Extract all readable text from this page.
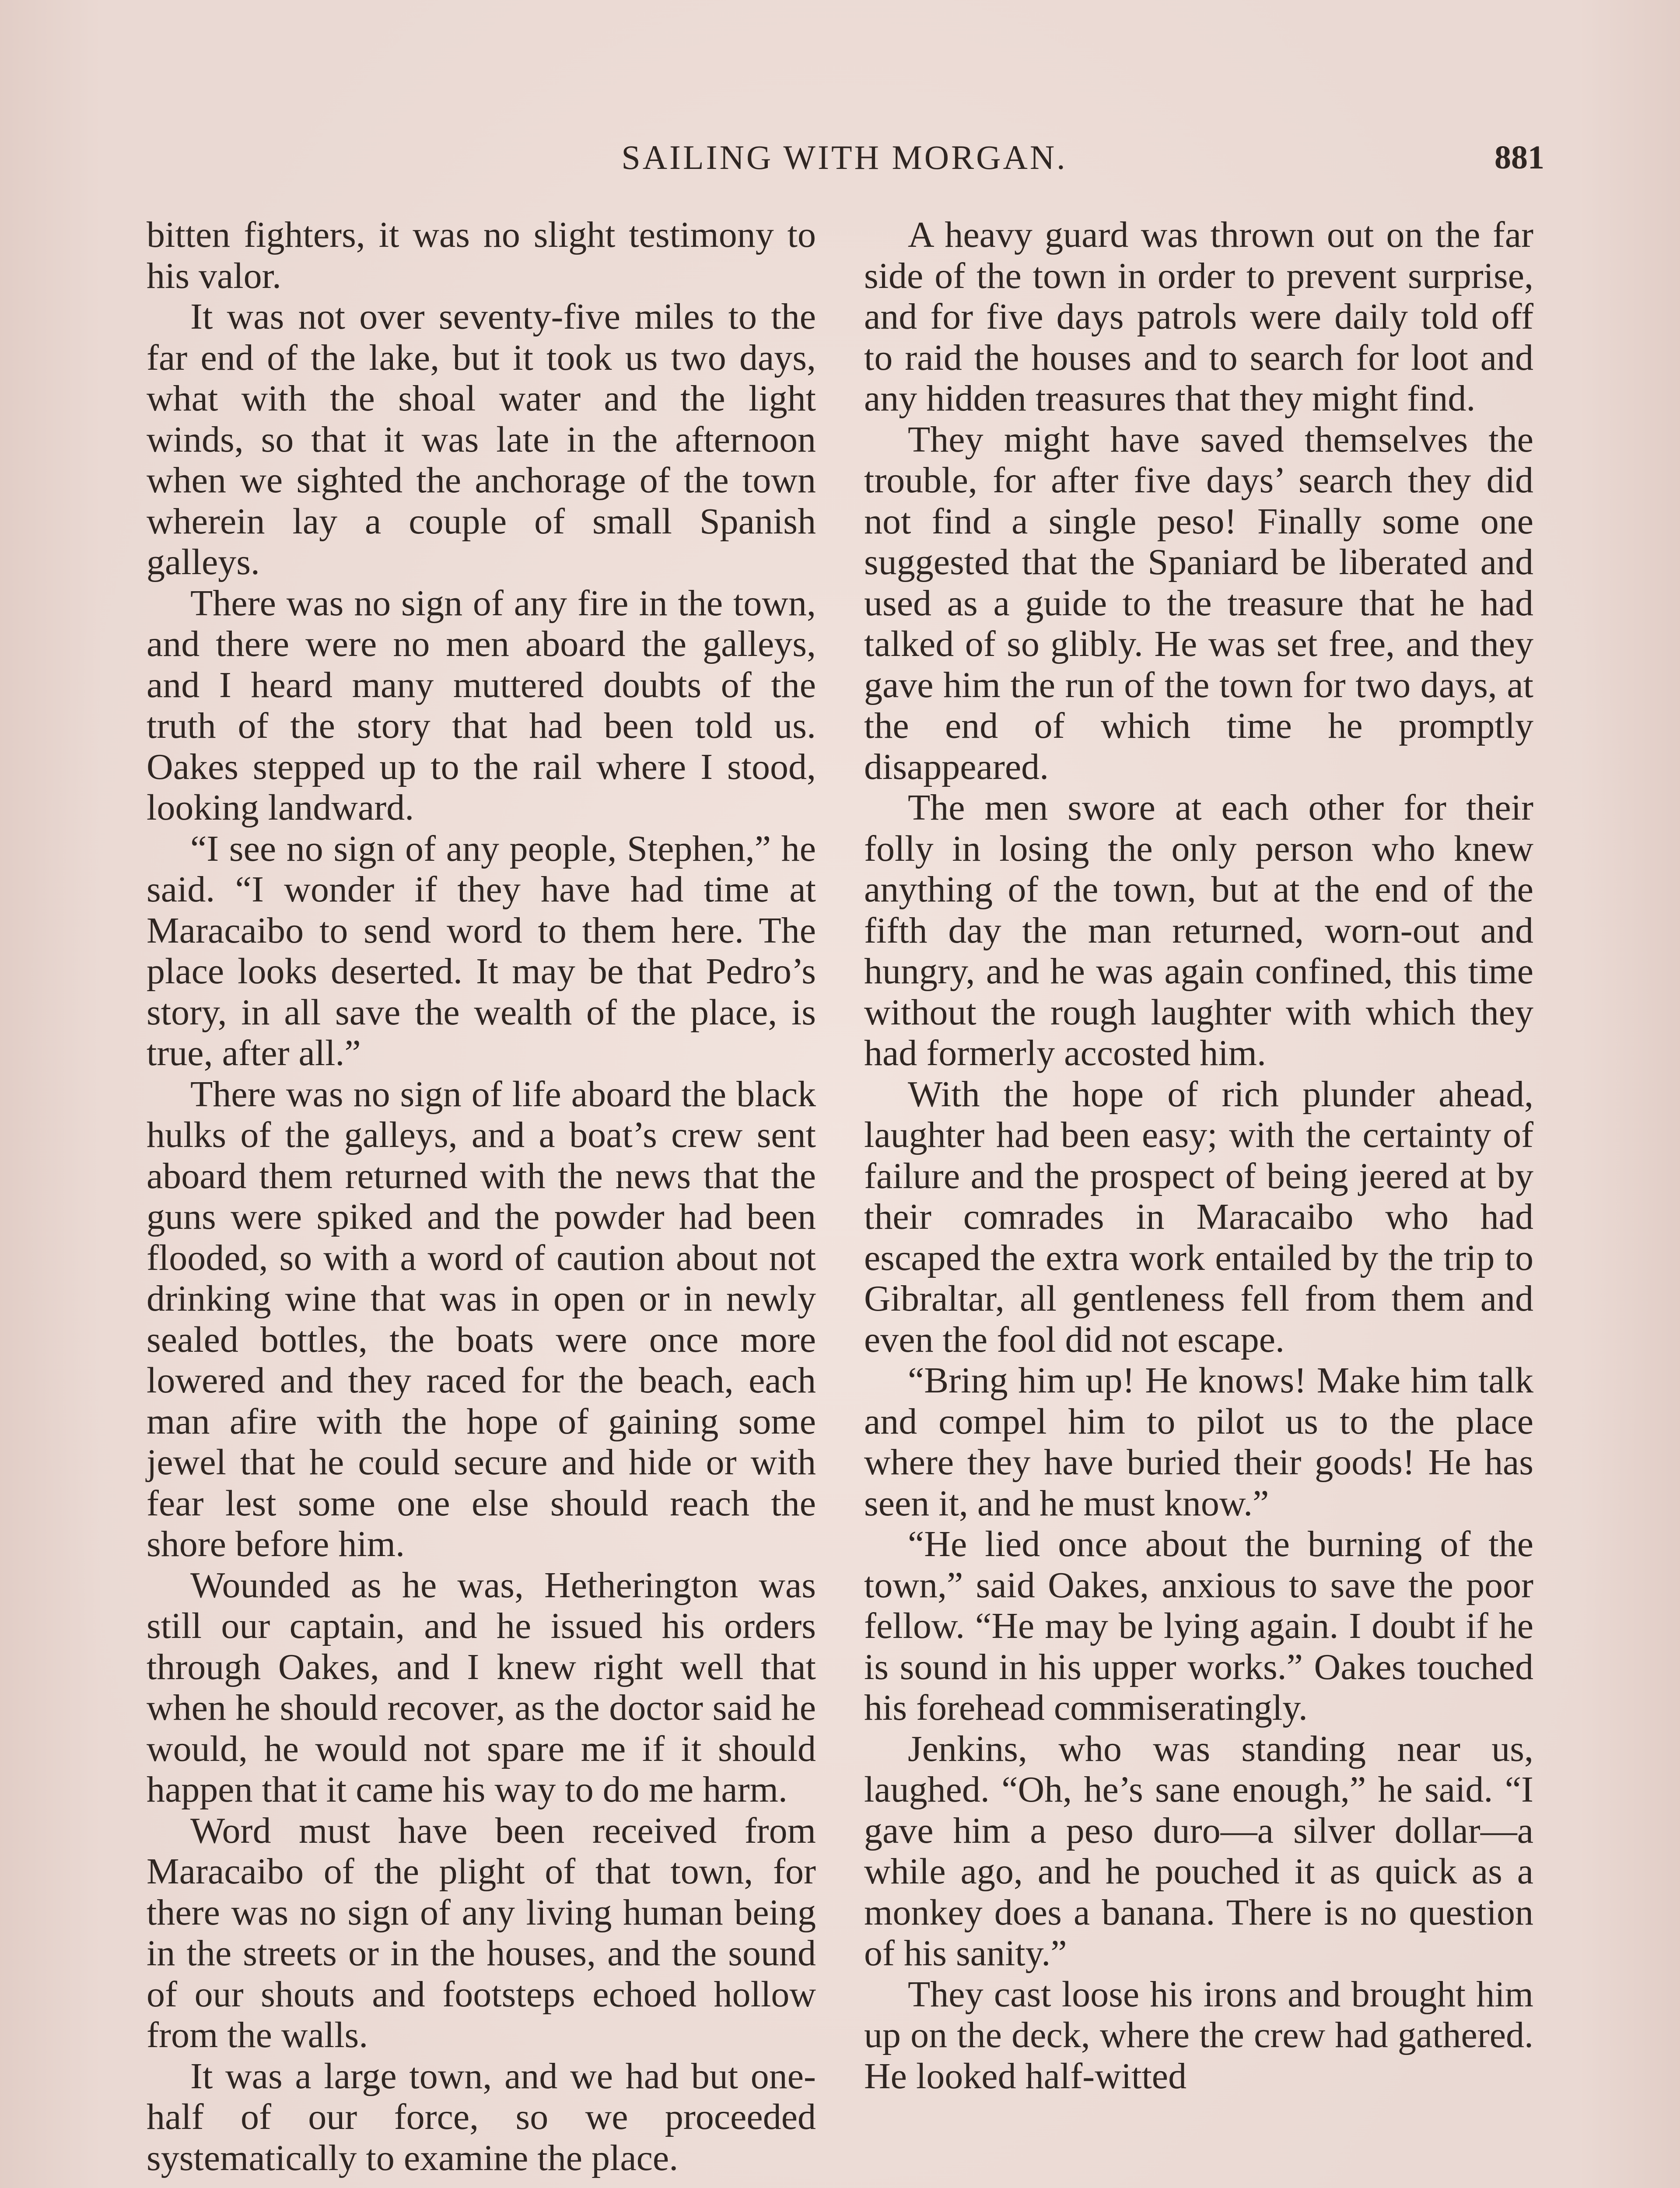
SAILING WITH MORGAN.	881

bitten fighters, it was no slight testimony to his valor.

It was not over seventy-five miles to the far end of the lake, but it took us two days, what with the shoal water and the light winds, so that it was late in the afternoon when we sighted the anchorage of the town wherein lay a couple of small Spanish galleys.

There was no sign of any fire in the town, and there were no men aboard the galleys, and I heard many muttered doubts of the truth of the story that had been told us. Oakes stepped up to the rail where I stood, looking landward.

“I see no sign of any people, Stephen,” he said. “I wonder if they have had time at Maracaibo to send word to them here. The place looks deserted. It may be that Pedro’s story, in all save the wealth of the place, is true, after all.”

There was no sign of life aboard the black hulks of the galleys, and a boat’s crew sent aboard them returned with the news that the guns were spiked and the powder had been flooded, so with a word of caution about not drinking wine that was in open or in newly sealed bottles, the boats were once more lowered and they raced for the beach, each man afire with the hope of gaining some jewel that he could secure and hide or with fear lest some one else should reach the shore before him.

Wounded as he was, Hetherington was still our captain, and he issued his orders through Oakes, and I knew right well that when he should recover, as the doctor said he would, he would not spare me if it should happen that it came his way to do me harm.

Word must have been received from Maracaibo of the plight of that town, for there was no sign of any living human being in the streets or in the houses, and the sound of our shouts and footsteps echoed hollow from the walls.

It was a large town, and we had but one-half of our force, so we proceeded systematically to examine the place.

A heavy guard was thrown out on the far side of the town in order to prevent surprise, and for five days patrols were daily told off to raid the houses and to search for loot and any hidden treasures that they might find.

They might have saved themselves the trouble, for after five days’ search they did not find a single peso! Finally some one suggested that the Spaniard be liberated and used as a guide to the treasure that he had talked of so glibly. He was set free, and they gave him the run of the town for two days, at the end of which time he promptly disappeared.

The men swore at each other for their folly in losing the only person who knew anything of the town, but at the end of the fifth day the man returned, worn-out and hungry, and he was again confined, this time without the rough laughter with which they had formerly accosted him.

With the hope of rich plunder ahead, laughter had been easy; with the certainty of failure and the prospect of being jeered at by their comrades in Maracaibo who had escaped the extra work entailed by the trip to Gibraltar, all gentleness fell from them and even the fool did not escape.

“Bring him up! He knows! Make him talk and compel him to pilot us to the place where they have buried their goods! He has seen it, and he must know.”

“He lied once about the burning of the town,” said Oakes, anxious to save the poor fellow. “He may be lying again. I doubt if he is sound in his upper works.” Oakes touched his forehead commiseratingly.

Jenkins, who was standing near us, laughed. “Oh, he’s sane enough,” he said. “I gave him a peso duro—a silver dollar—a while ago, and he pouched it as quick as a monkey does a banana. There is no question of his sanity.”

They cast loose his irons and brought him up on the deck, where the crew had gathered. He looked half-witted
